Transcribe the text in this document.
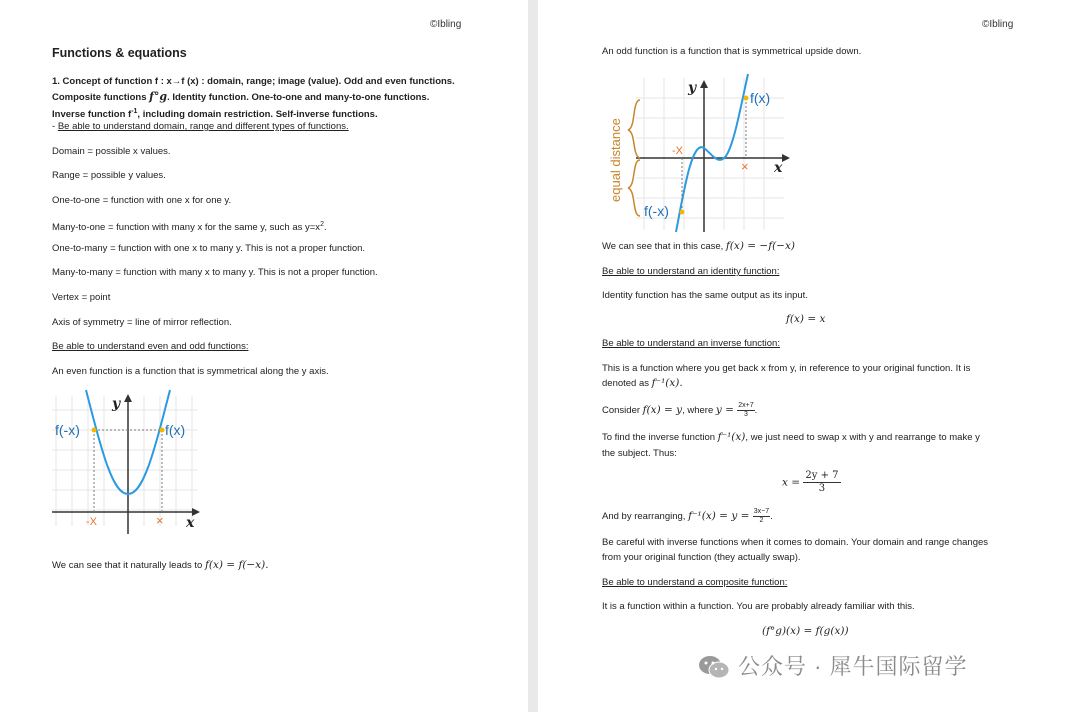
©Ibling
Functions & equations
1. Concept of function f : x→f (x) : domain, range; image (value). Odd and even functions.
Composite functions f°g. Identity function. One-to-one and many-to-one functions.
Inverse function $f^{-1}$, including domain restriction. Self-inverse functions.
- Be able to understand domain, range and different types of functions.
Domain = possible x values.
Range = possible y values.
One-to-one = function with one x for one y.
Many-to-one = function with many x for the same y, such as $y=x^2$.
One-to-many = function with one x to many y. This is not a proper function.
Many-to-many = function with many x to many y. This is not a proper function.
Vertex = point
Axis of symmetry = line of mirror reflection.
Be able to understand even and odd functions:
An even function is a function that is symmetrical along the y axis.
f(-x)	f(x)
y
x
-X	×
We can see that it naturally leads to f(x) = f(−x).
©Ibling
An odd function is a function that is symmetrical upside down.
equal distance
f(x)
f(-x)
y
x
-X
×
We can see that in this case, f(x) = −f(−x)
Be able to understand an identity function:
Identity function has the same output as its input.
f(x) = x
Be able to understand an inverse function:
This is a function where you get back x from y, in reference to your original function. It is
denoted as f⁻¹(x).
Consider f(x) = y, where $y = \frac{2x+7}{3}$ .
To find the inverse function f⁻¹(x), we just need to swap x with y and rearrange to make y
the subject. Thus:
$x = \frac{2y + 7}{3}$
And by rearranging, $f^{-1}(x) = y = \frac{3x-7}{2}$ .
Be careful with inverse functions when it comes to domain. Your domain and range changes
from your original function (they actually swap).
Be able to understand a composite function:
It is a function within a function. You are probably already familiar with this.
(f°g)(x) = f(g(x))
公众号 · 犀牛国际留学
